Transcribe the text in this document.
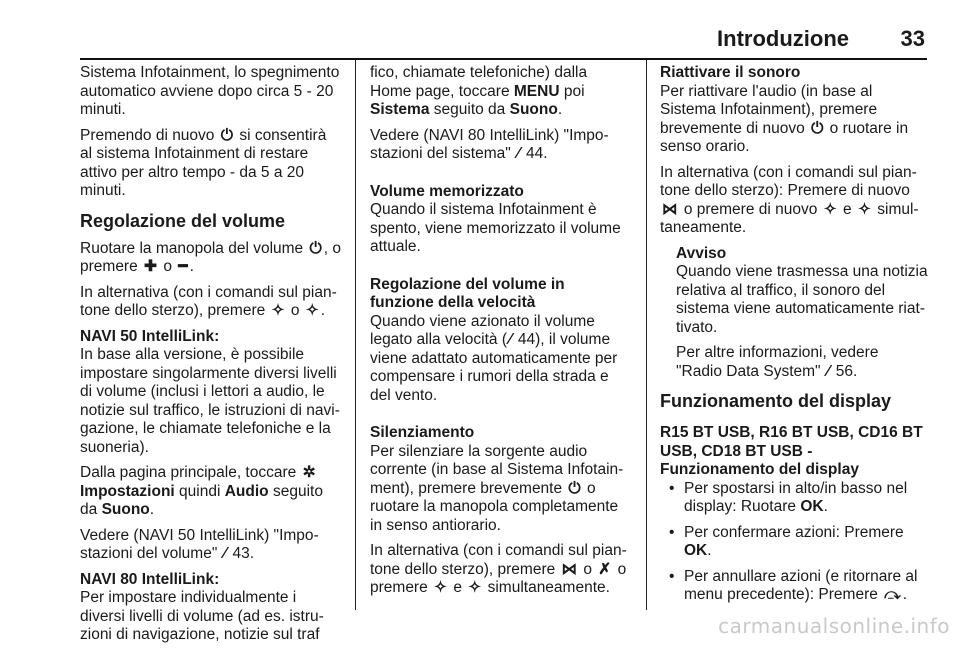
Introduzione 33

Sistema Infotainment, lo spegnimento automatico avviene dopo circa 5 - 20 minuti.

Premendo di nuovo ⏻ si consentirà al sistema Infotainment di restare attivo per altro tempo - da 5 a 20 minuti.

Regolazione del volume

Ruotare la manopola del volume ⏻ , o premere ✚ o ━ .

In alternativa (con i comandi sul piantone dello sterzo), premere ✧ o ✧ .

NAVI 50 IntelliLink:

In base alla versione, è possibile impostare singolarmente diversi livelli di volume (inclusi i lettori a audio, le notizie sul traffico, le istruzioni di navigazione, le chiamate telefoniche e la suoneria).

Dalla pagina principale, toccare ✲Impostazioni quindi Audio seguito da Suono.

Vedere (NAVI 50 IntelliLink) "Impostazioni del volume" ⁄ 43.

NAVI 80 IntelliLink:

Per impostare individualmente i diversi livelli di volume (ad es. istruzioni di navigazione, notizie sul traf

fico, chiamate telefoniche) dalla Home page, toccare MENU poi Sistema seguito da Suono.

Vedere (NAVI 80 IntelliLink) "Impostazioni del sistema" ⁄ 44.

Volume memorizzato

Quando il sistema Infotainment è spento, viene memorizzato il volume attuale.

Regolazione del volume in funzione della velocità

Quando viene azionato il volume legato alla velocità ( ⁄ 44), il volume viene adattato automaticamente per compensare i rumori della strada e del vento.

Silenziamento

Per silenziare la sorgente audio corrente (in base al Sistema Infotainment), premere brevemente ⏻ o ruotare la manopola completamente in senso antiorario.

In alternativa (con i comandi sul piantone dello sterzo), premere ⋈ o ✗ o premere ✧ e ✧ simultaneamente.

Riattivare il sonoro

Per riattivare l'audio (in base al Sistema Infotainment), premere brevemente di nuovo ⏻ o ruotare in senso orario.

In alternativa (con i comandi sul piantone dello sterzo): Premere di nuovo ⋈ o premere di nuovo ✧ e ✧ simultaneamente.

Avviso

Quando viene trasmessa una notizia relativa al traffico, il sonoro del sistema viene automaticamente riattivato.

Per altre informazioni, vedere "Radio Data System" ⁄ 56.

Funzionamento del display

R15 BT USB, R16 BT USB, CD16 BT USB, CD18 BT USB - Funzionamento del display

• Per spostarsi in alto/in basso nel display: Ruotare OK.
• Per confermare azioni: Premere OK.
• Per annullare azioni (e ritornare al menu precedente): Premere ⤼ .
carmanualsonline.info
